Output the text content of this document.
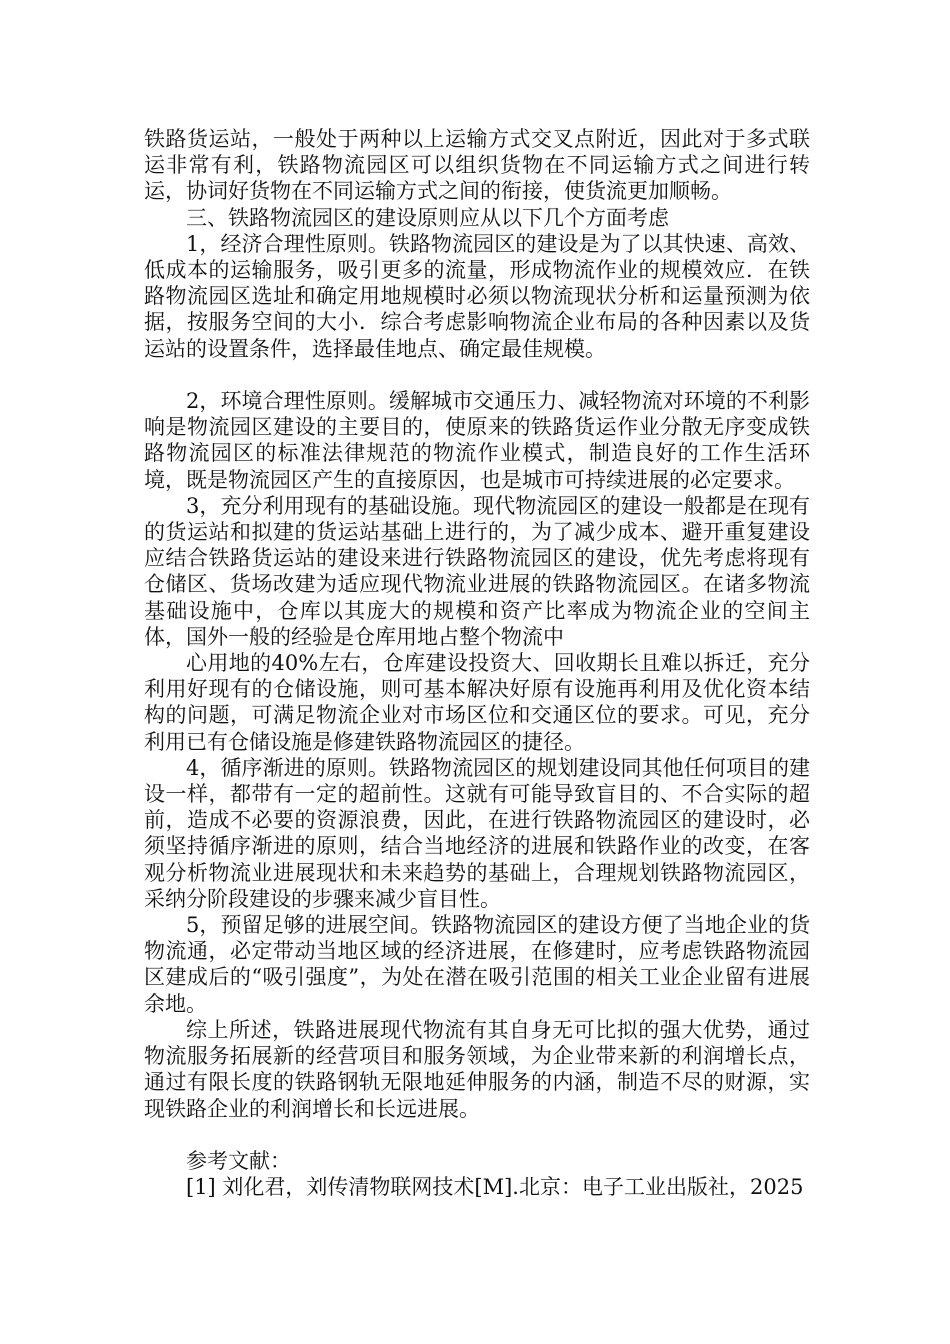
铁路货运站，一般处于两种以上运输方式交叉点附近，因此对于多式联运非常有利，铁路物流园区可以组织货物在不同运输方式之间进行转运，协词好货物在不同运输方式之间的衔接，使货流更加顺畅。

三、铁路物流园区的建设原则应从以下几个方面考虑

1，经济合理性原则。铁路物流园区的建设是为了以其快速、高效、低成本的运输服务，吸引更多的流量，形成物流作业的规模效应．在铁路物流园区选址和确定用地规模时必须以物流现状分析和运量预测为依据，按服务空间的大小．综合考虑影响物流企业布局的各种因素以及货运站的设置条件，选择最佳地点、确定最佳规模。

2，环境合理性原则。缓解城市交通压力、减轻物流对环境的不利影响是物流园区建设的主要目的，使原来的铁路货运作业分散无序变成铁路物流园区的标准法律规范的物流作业模式，制造良好的工作生活环境，既是物流园区产生的直接原因，也是城市可持续进展的必定要求。

3，充分利用现有的基础设施。现代物流园区的建设一般都是在现有的货运站和拟建的货运站基础上进行的，为了减少成本、避开重复建设应结合铁路货运站的建设来进行铁路物流园区的建设，优先考虑将现有仓储区、货场改建为适应现代物流业进展的铁路物流园区。在诸多物流基础设施中，仓库以其庞大的规模和资产比率成为物流企业的空间主体，国外一般的经验是仓库用地占整个物流中

心用地的40%左右，仓库建设投资大、回收期长且难以拆迁，充分利用好现有的仓储设施，则可基本解决好原有设施再利用及优化资本结构的问题，可满足物流企业对市场区位和交通区位的要求。可见，充分利用已有仓储设施是修建铁路物流园区的捷径。

4，循序渐进的原则。铁路物流园区的规划建设同其他任何项目的建设一样，都带有一定的超前性。这就有可能导致盲目的、不合实际的超前，造成不必要的资源浪费，因此，在进行铁路物流园区的建设时，必须坚持循序渐进的原则，结合当地经济的进展和铁路作业的改变，在客观分析物流业进展现状和未来趋势的基础上，合理规划铁路物流园区，采纳分阶段建设的步骤来减少盲目性。

5，预留足够的进展空间。铁路物流园区的建设方便了当地企业的货物流通，必定带动当地区域的经济进展，在修建时，应考虑铁路物流园区建成后的“吸引强度”，为处在潜在吸引范围的相关工业企业留有进展余地。

综上所述，铁路进展现代物流有其自身无可比拟的强大优势，通过物流服务拓展新的经营项目和服务领域，为企业带来新的利润增长点，通过有限长度的铁路钢轨无限地延伸服务的内涵，制造不尽的财源，实现铁路企业的利润增长和长远进展。

参考文献：

[1] 刘化君，刘传清物联网技术[M].北京：电子工业出版社，2025
